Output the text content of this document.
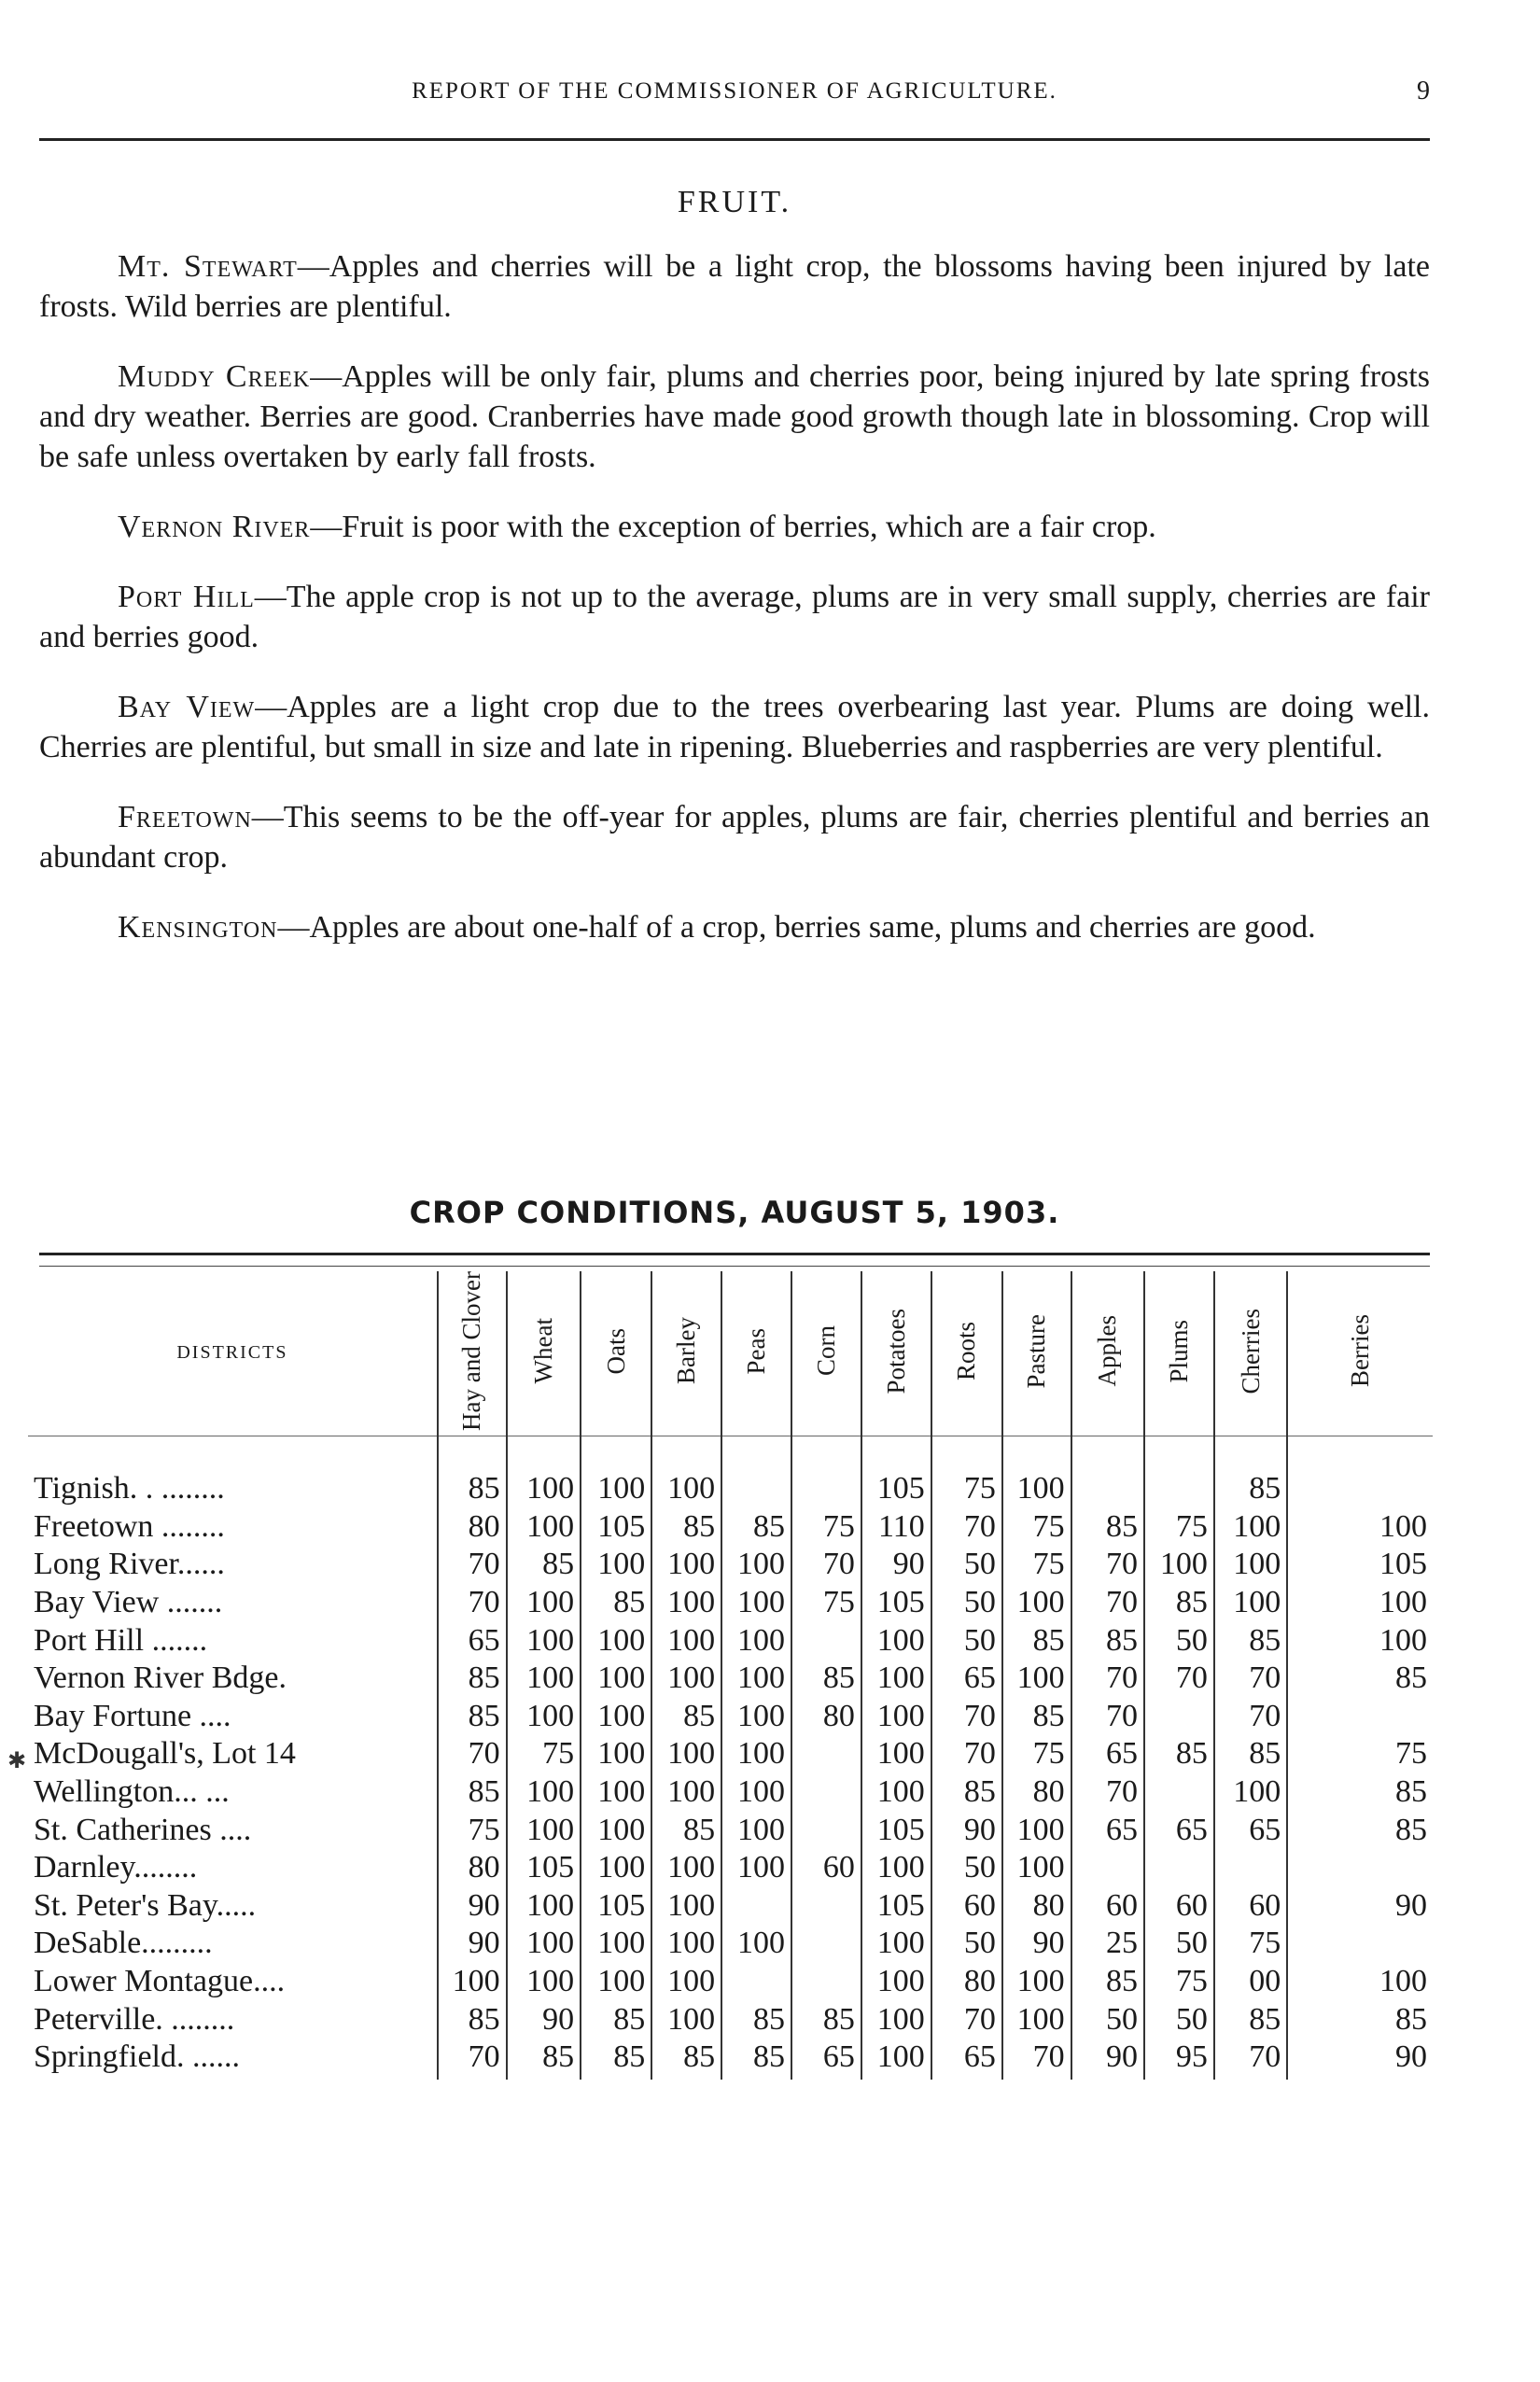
REPORT OF THE COMMISSIONER OF AGRICULTURE.	9
FRUIT.

Mt. Stewart—Apples and cherries will be a light crop, the blossoms having been injured by late frosts. Wild berries are plentiful.

Muddy Creek—Apples will be only fair, plums and cherries poor, being injured by late spring frosts and dry weather. Berries are good. Cranberries have made good growth though late in blossoming. Crop will be safe unless overtaken by early fall frosts.

Vernon River—Fruit is poor with the exception of berries, which are a fair crop.

Port Hill—The apple crop is not up to the average, plums are in very small supply, cherries are fair and berries good.

Bay View—Apples are a light crop due to the trees overbearing last year. Plums are doing well. Cherries are plentiful, but small in size and late in ripening. Blueberries and raspberries are very plentiful.

Freetown—This seems to be the off-year for apples, plums are fair, cherries plentiful and berries an abundant crop.

Kensington—Apples are about one-half of a crop, berries same, plums and cherries are good.

CROP CONDITIONS, AUGUST 5, 1903.
DISTRICTS	Hay and Clover	Wheat	Oats	Barley	Peas	Corn	Potatoes	Roots	Pasture	Apples	Plums	Cherries	Berries

Tignish. . ........	85	100	100	100			105	75	100			85	
Freetown ........	80	100	105	85	85	75	110	70	75	85	75	100	100
Long River......	70	85	100	100	100	70	90	50	75	70	100	100	105
Bay View .......	70	100	85	100	100	75	105	50	100	70	85	100	100
Port Hill .......	65	100	100	100	100		100	50	85	85	50	85	100
Vernon River Bdge.	85	100	100	100	100	85	100	65	100	70	70	70	85
Bay Fortune ....	85	100	100	85	100	80	100	70	85	70		70	
McDougall's, Lot 14	70	75	100	100	100		100	70	75	65	85	85	75
Wellington... ...	85	100	100	100	100		100	85	80	70		100	85
St. Catherines ....	75	100	100	85	100		105	90	100	65	65	65	85
Darnley........	80	105	100	100	100	60	100	50	100				
St. Peter's Bay.....	90	100	105	100			105	60	80	60	60	60	90
DeSable.........	90	100	100	100	100		100	50	90	25	50	75	
Lower Montague....	100	100	100	100			100	80	100	85	75	00	100
Peterville. ........	85	90	85	100	85	85	100	70	100	50	50	85	85
Springfield. ......	70	85	85	85	85	65	100	65	70	90	95	70	90
✱
